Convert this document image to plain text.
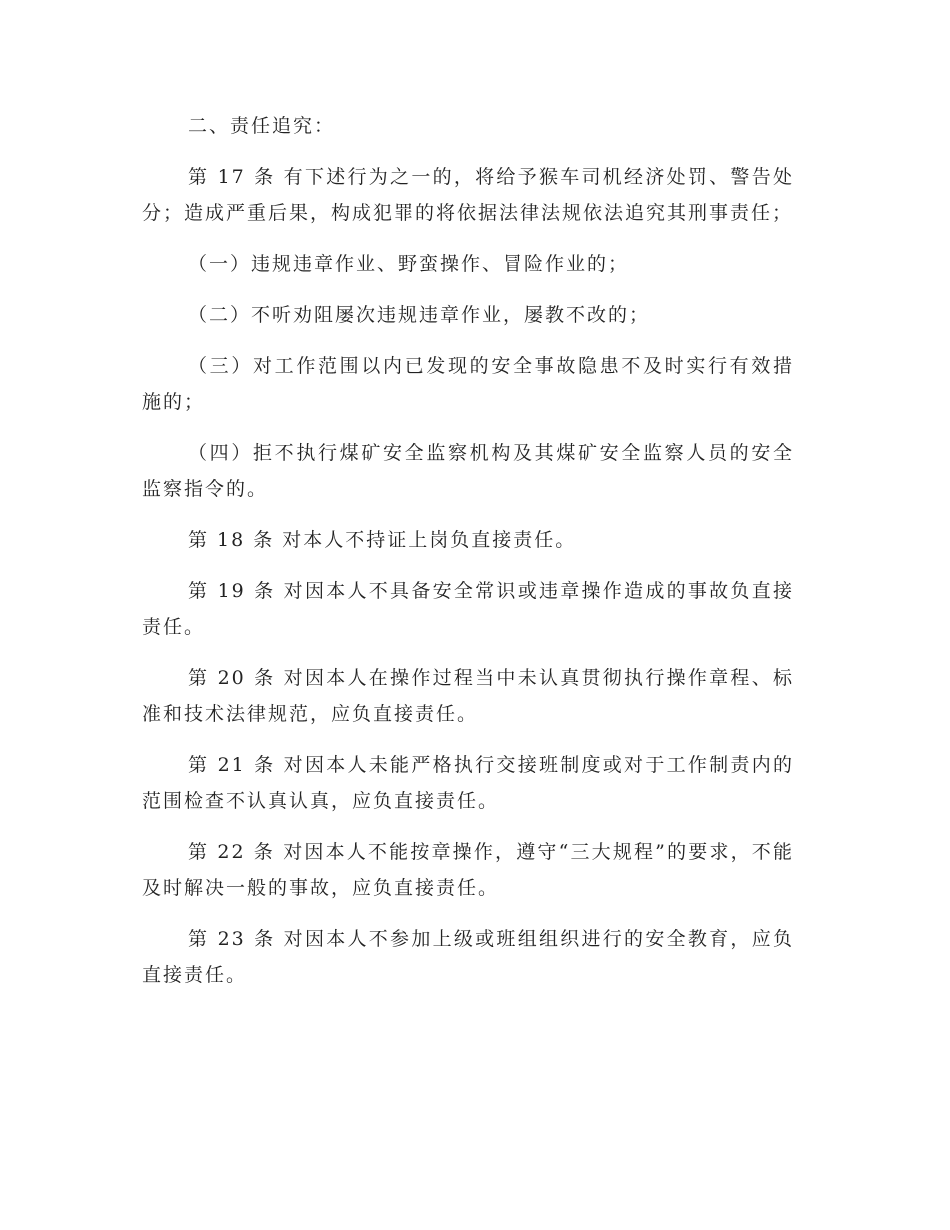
二、责任追究：

第 17 条 有下述行为之一的，将给予猴车司机经济处罚、警告处分；造成严重后果，构成犯罪的将依据法律法规依法追究其刑事责任；

（一）违规违章作业、野蛮操作、冒险作业的；

（二）不听劝阻屡次违规违章作业，屡教不改的；

（三）对工作范围以内已发现的安全事故隐患不及时实行有效措施的；

（四）拒不执行煤矿安全监察机构及其煤矿安全监察人员的安全监察指令的。

第 18 条 对本人不持证上岗负直接责任。

第 19 条 对因本人不具备安全常识或违章操作造成的事故负直接责任。

第 20 条 对因本人在操作过程当中未认真贯彻执行操作章程、标准和技术法律规范，应负直接责任。

第 21 条 对因本人未能严格执行交接班制度或对于工作制责内的范围检查不认真认真，应负直接责任。

第 22 条 对因本人不能按章操作，遵守“三大规程”的要求，不能及时解决一般的事故，应负直接责任。

第 23 条 对因本人不参加上级或班组组织进行的安全教育，应负直接责任。
